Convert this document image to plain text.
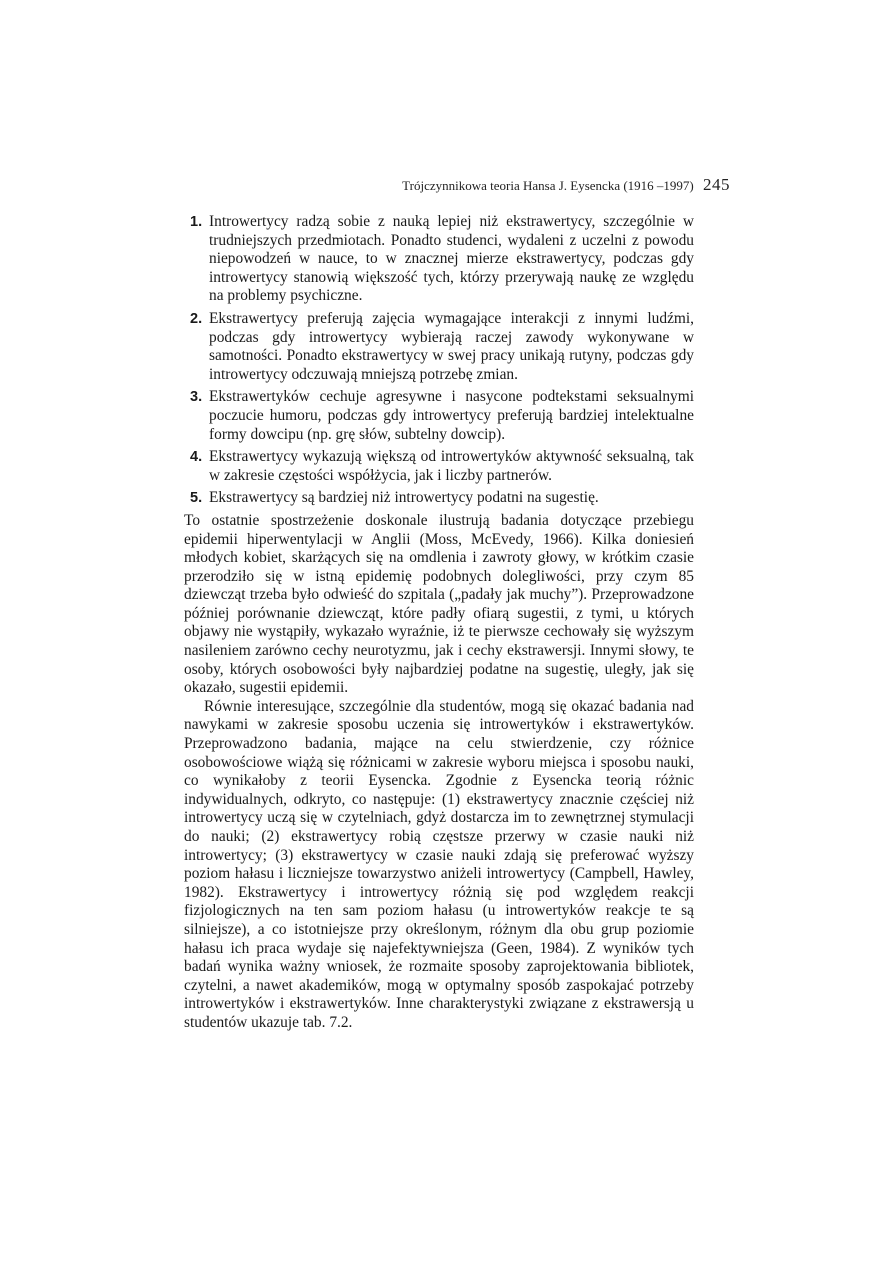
Trójczynnikowa teoria Hansa J. Eysencka (1916 –1997) 245
1. Introwertycy radzą sobie z nauką lepiej niż ekstrawertycy, szczególnie w trudniejszych przedmiotach. Ponadto studenci, wydaleni z uczelni z powodu niepowodzeń w nauce, to w znacznej mierze ekstrawertycy, podczas gdy introwertycy stanowią większość tych, którzy przerywają naukę ze względu na problemy psychiczne.
2. Ekstrawertycy preferują zajęcia wymagające interakcji z innymi ludźmi, podczas gdy introwertycy wybierają raczej zawody wykonywane w samotności. Ponadto ekstrawertycy w swej pracy unikają rutyny, podczas gdy introwertycy odczuwają mniejszą potrzebę zmian.
3. Ekstrawertyków cechuje agresywne i nasycone podtekstami seksualnymi poczucie humoru, podczas gdy introwertycy preferują bardziej intelektualne formy dowcipu (np. grę słów, subtelny dowcip).
4. Ekstrawertycy wykazują większą od introwertyków aktywność seksualną, tak w zakresie częstości współżycia, jak i liczby partnerów.
5. Ekstrawertycy są bardziej niż introwertycy podatni na sugestię.

To ostatnie spostrzeżenie doskonale ilustrują badania dotyczące przebiegu epidemii hiperwentylacji w Anglii (Moss, McEvedy, 1966). Kilka doniesień młodych kobiet, skarżących się na omdlenia i zawroty głowy, w krótkim czasie przerodziło się w istną epidemię podobnych dolegliwości, przy czym 85 dziewcząt trzeba było odwieść do szpitala („padały jak muchy”). Przeprowadzone później porównanie dziewcząt, które padły ofiarą sugestii, z tymi, u których objawy nie wystąpiły, wykazało wyraźnie, iż te pierwsze cechowały się wyższym nasileniem zarówno cechy neurotyzmu, jak i cechy ekstrawersji. Innymi słowy, te osoby, których osobowości były najbardziej podatne na sugestię, uległy, jak się okazało, sugestii epidemii.

Równie interesujące, szczególnie dla studentów, mogą się okazać badania nad nawykami w zakresie sposobu uczenia się introwertyków i ekstrawertyków. Przeprowadzono badania, mające na celu stwierdzenie, czy różnice osobowościowe wiążą się różnicami w zakresie wyboru miejsca i sposobu nauki, co wynikałoby z teorii Eysencka. Zgodnie z Eysencka teorią różnic indywidualnych, odkryto, co następuje: (1) ekstrawertycy znacznie częściej niż introwertycy uczą się w czytelniach, gdyż dostarcza im to zewnętrznej stymulacji do nauki; (2) ekstrawertycy robią częstsze przerwy w czasie nauki niż introwertycy; (3) ekstrawertycy w czasie nauki zdają się preferować wyższy poziom hałasu i liczniejsze towarzystwo aniżeli introwertycy (Campbell, Hawley, 1982). Ekstrawertycy i introwertycy różnią się pod względem reakcji fizjologicznych na ten sam poziom hałasu (u introwertyków reakcje te są silniejsze), a co istotniejsze przy określonym, różnym dla obu grup poziomie hałasu ich praca wydaje się najefektywniejsza (Geen, 1984). Z wyników tych badań wynika ważny wniosek, że rozmaite sposoby zaprojektowania bibliotek, czytelni, a nawet akademików, mogą w optymalny sposób zaspokajać potrzeby introwertyków i ekstrawertyków. Inne charakterystyki związane z ekstrawersją u studentów ukazuje tab. 7.2.
